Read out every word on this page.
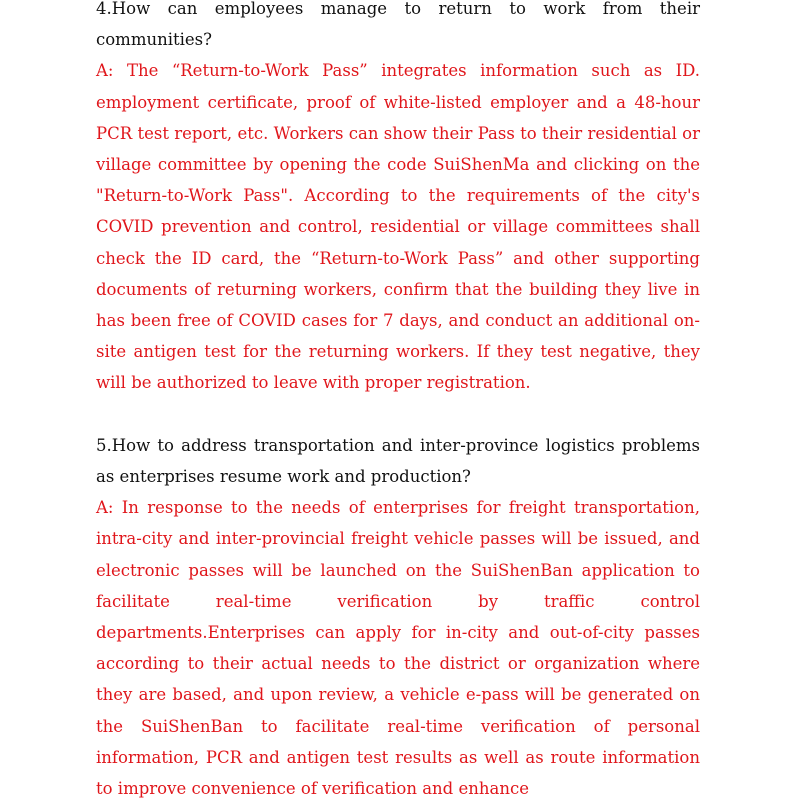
4.How can employees manage to return to work from their communities?

A: The “Return-to-Work Pass” integrates information such as ID. employment certificate, proof of white-listed employer and a 48-hour PCR test report, etc. Workers can show their Pass to their residential or village committee by opening the code SuiShenMa and clicking on the "Return-to-Work Pass". According to the requirements of the city's COVID prevention and control, residential or village committees shall check the ID card, the “Return-to-Work Pass” and other supporting documents of returning workers, confirm that the building they live in has been free of COVID cases for 7 days, and conduct an additional on-site antigen test for the returning workers. If they test negative, they will be authorized to leave with proper registration.

5.How to address transportation and inter-province logistics problems as enterprises resume work and production?

A: In response to the needs of enterprises for freight transportation, intra-city and inter-provincial freight vehicle passes will be issued, and electronic passes will be launched on the SuiShenBan application to facilitate real-time verification by traffic control departments.Enterprises can apply for in-city and out-of-city passes according to their actual needs to the district or organization where they are based, and upon review, a vehicle e-pass will be generated on the SuiShenBan to facilitate real-time verification of personal information, PCR and antigen test results as well as route information to improve convenience of verification and enhance
